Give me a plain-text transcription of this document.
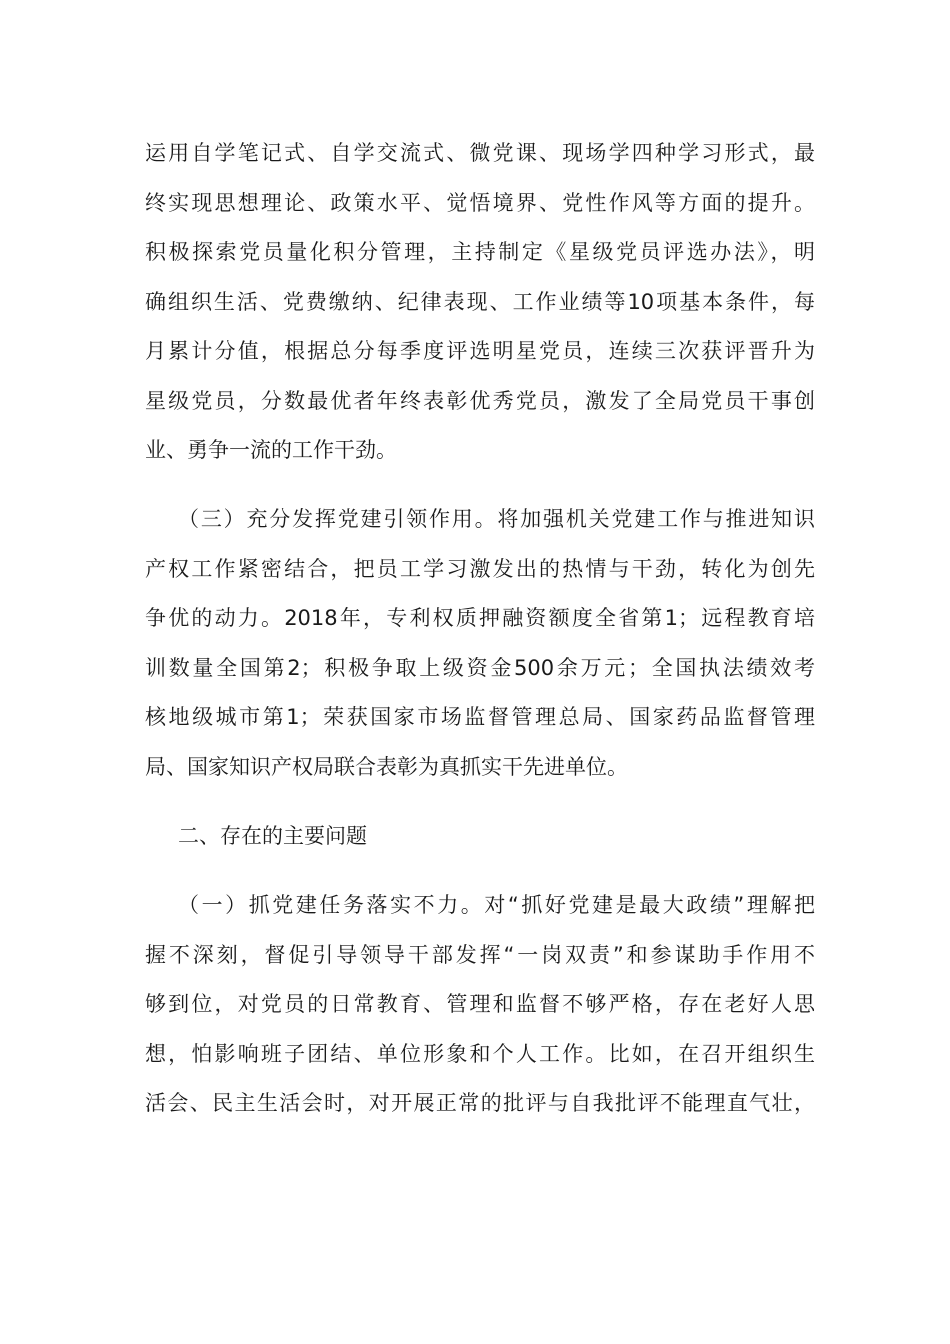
运用自学笔记式、自学交流式、微党课、现场学四种学习形式，最
终实现思想理论、政策水平、觉悟境界、党性作风等方面的提升。
积极探索党员量化积分管理，主持制定《星级党员评选办法》，明
确组织生活、党费缴纳、纪律表现、工作业绩等10项基本条件，每
月累计分值，根据总分每季度评选明星党员，连续三次获评晋升为
星级党员，分数最优者年终表彰优秀党员，激发了全局党员干事创
业、勇争一流的工作干劲。
（三）充分发挥党建引领作用。将加强机关党建工作与推进知识
产权工作紧密结合，把员工学习激发出的热情与干劲，转化为创先
争优的动力。2018年，专利权质押融资额度全省第1；远程教育培
训数量全国第2；积极争取上级资金500余万元；全国执法绩效考
核地级城市第1；荣获国家市场监督管理总局、国家药品监督管理
局、国家知识产权局联合表彰为真抓实干先进单位。
二、存在的主要问题
（一）抓党建任务落实不力。对“抓好党建是最大政绩”理解把
握不深刻，督促引导领导干部发挥“一岗双责”和参谋助手作用不
够到位，对党员的日常教育、管理和监督不够严格，存在老好人思
想，怕影响班子团结、单位形象和个人工作。比如，在召开组织生
活会、民主生活会时，对开展正常的批评与自我批评不能理直气壮，
